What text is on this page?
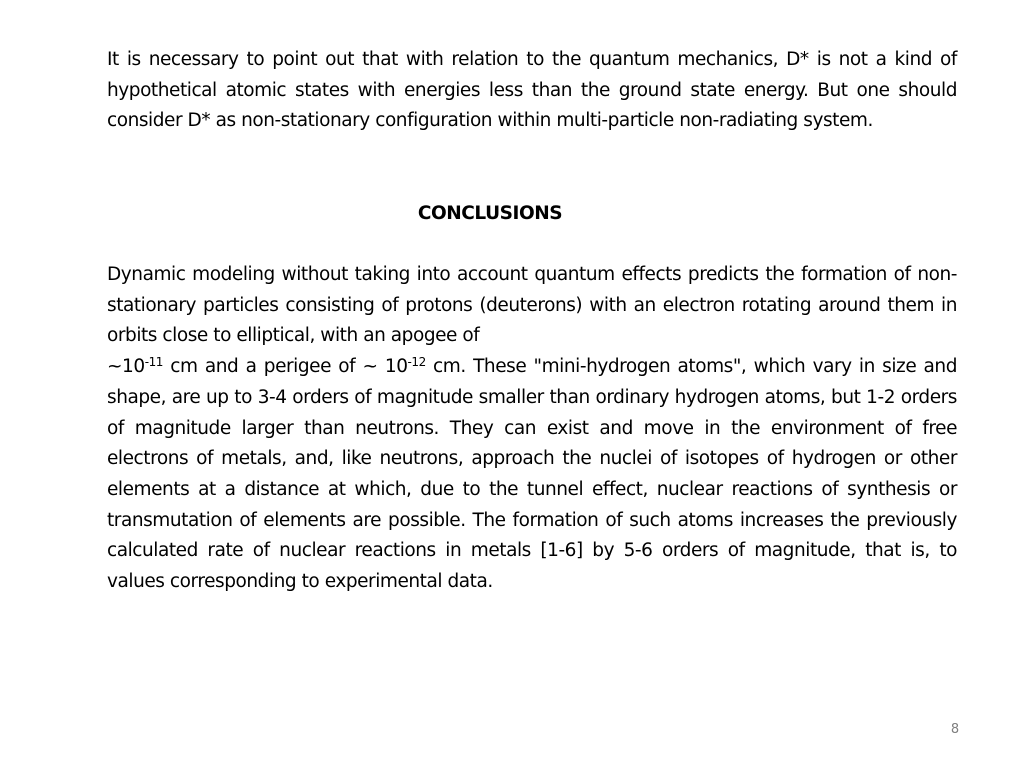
It is necessary to point out that with relation to the quantum mechanics, D* is not a kind of hypothetical atomic states with energies less than the ground state energy. But one should consider D* as non-stationary configuration within multi-particle non-radiating system.

CONCLUSIONS
Dynamic modeling without taking into account quantum effects predicts the formation of non-stationary particles consisting of protons (deuterons) with an electron rotating around them in orbits close to elliptical, with an apogee of
$\sim 10^{-11}$ cm and a perigee of ~ $10^{-12}$ cm. These "mini-hydrogen atoms", which vary in size and shape, are up to 3-4 orders of magnitude smaller than ordinary hydrogen atoms, but 1-2 orders of magnitude larger than neutrons. They can exist and move in the environment of free electrons of metals, and, like neutrons, approach the nuclei of isotopes of hydrogen or other elements at a distance at which, due to the tunnel effect, nuclear reactions of synthesis or transmutation of elements are possible. The formation of such atoms increases the previously calculated rate of nuclear reactions in metals [1-6] by 5-6 orders of magnitude, that is, to values corresponding to experimental data.
8
